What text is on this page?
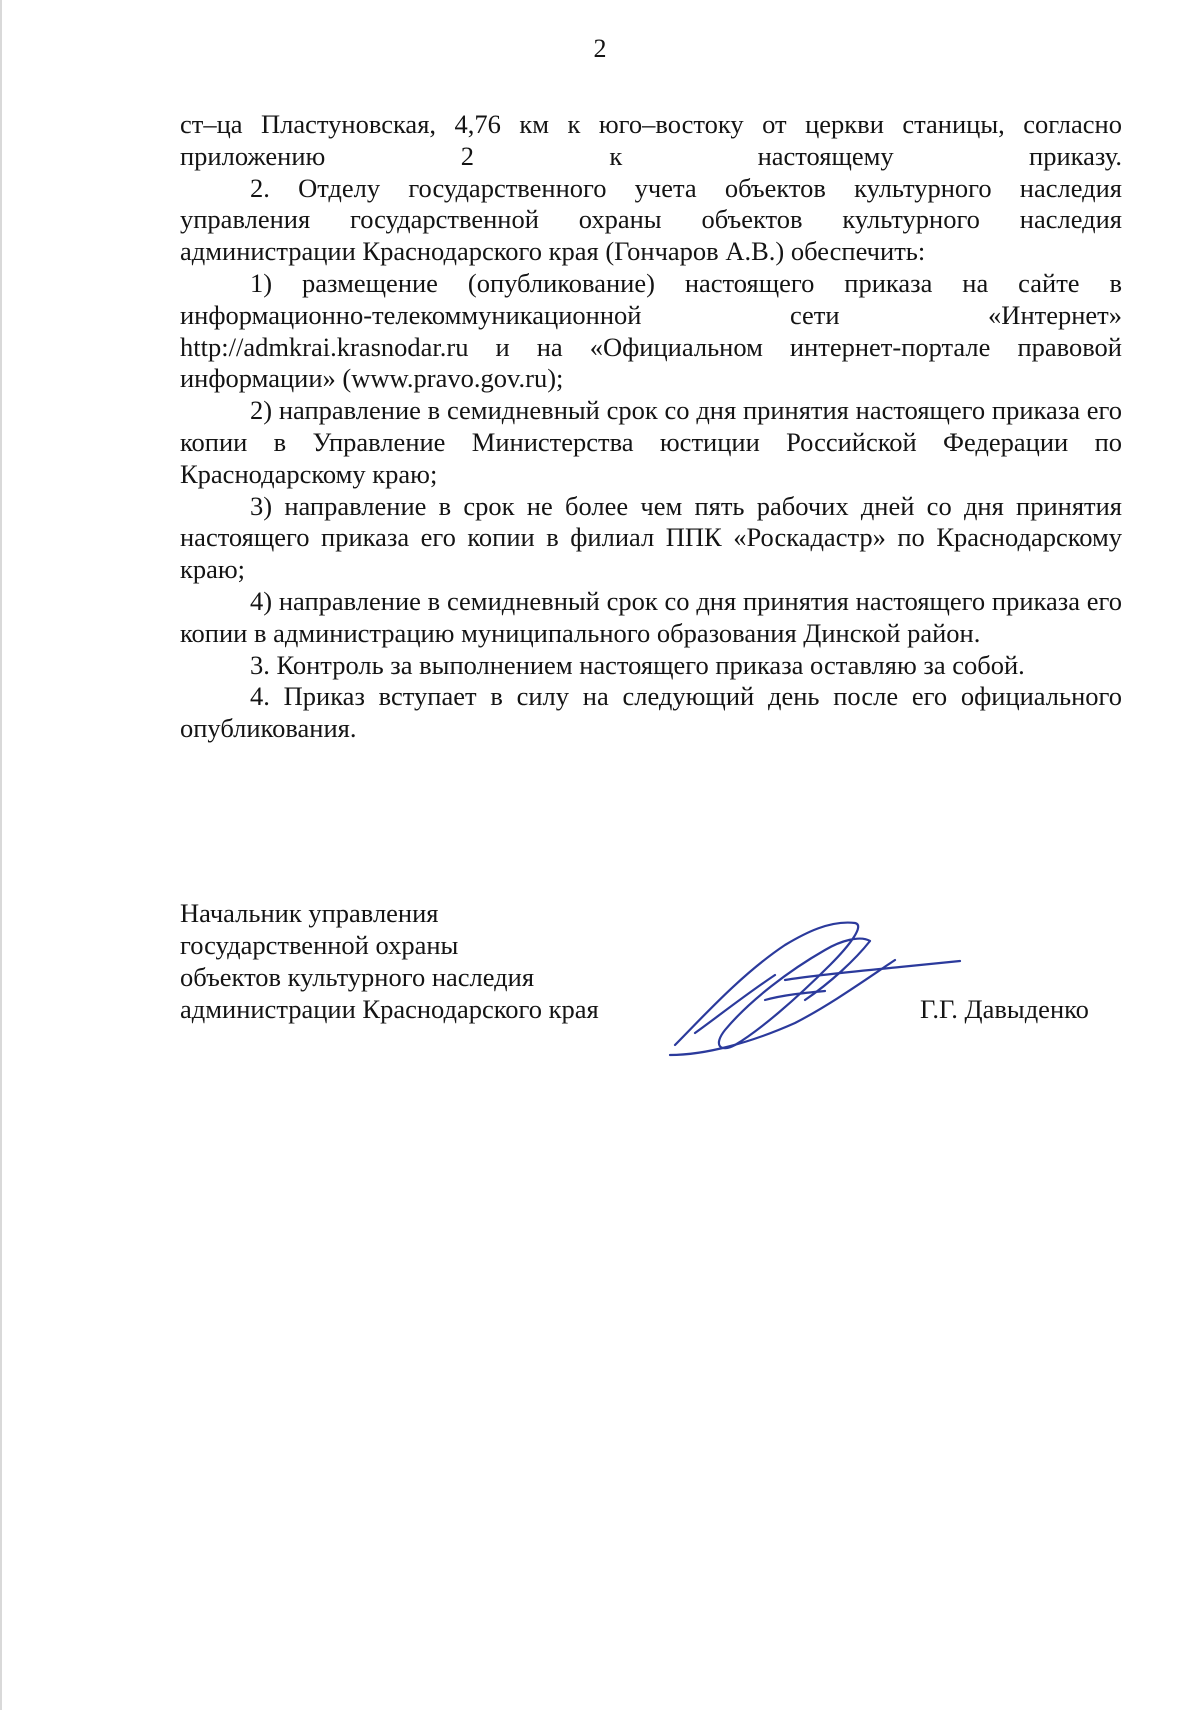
2

ст–ца Пластуновская, 4,76 км к юго–востоку от церкви станицы, согласно приложению 2 к настоящему приказу.

2. Отделу государственного учета объектов культурного наследия управления государственной охраны объектов культурного наследия администрации Краснодарского края (Гончаров А.В.) обеспечить:

1) размещение (опубликование) настоящего приказа на сайте в информационно-телекоммуникационной сети «Интернет» http://admkrai.krasnodar.ru и на «Официальном интернет-портале правовой информации» (www.pravo.gov.ru);

2) направление в семидневный срок со дня принятия настоящего приказа его копии в Управление Министерства юстиции Российской Федерации по Краснодарскому краю;

3) направление в срок не более чем пять рабочих дней со дня принятия настоящего приказа его копии в филиал ППК «Роскадастр» по Краснодарскому краю;

4) направление в семидневный срок со дня принятия настоящего приказа его копии в администрацию муниципального образования Динской район.

3. Контроль за выполнением настоящего приказа оставляю за собой.

4. Приказ вступает в силу на следующий день после его официального опубликования.

Начальник управления
государственной охраны
объектов культурного наследия
администрации Краснодарского края	Г.Г. Давыденко
